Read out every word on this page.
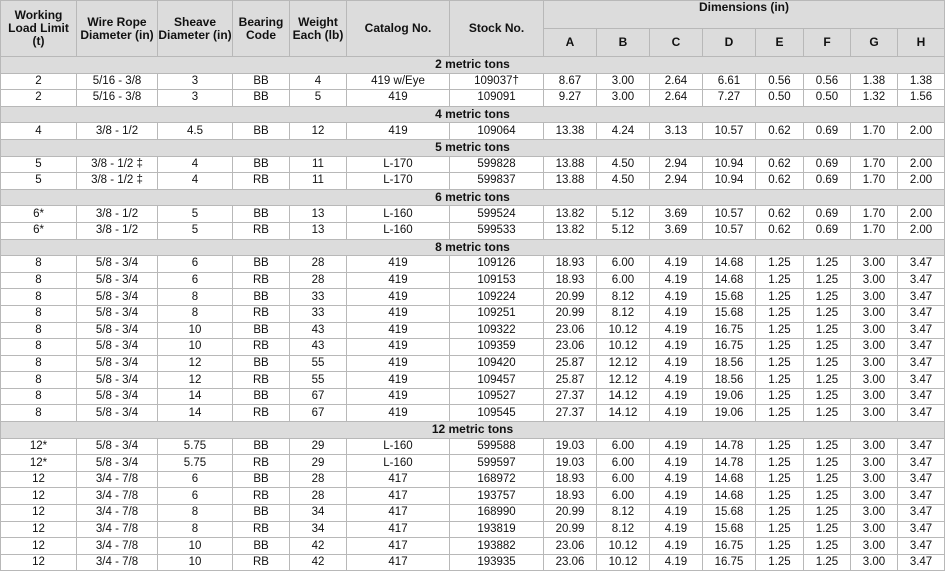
Working Load Limit (t)	Wire Rope Diameter (in)	Sheave Diameter (in)	Bearing Code	Weight Each (lb)	Catalog No.	Stock No.	Dimensions (in)							
							A	B	C	D	E	F	G	H
2 metric tons														
2	5/16 - 3/8	3	BB	4	419 w/Eye	109037†	8.67	3.00	2.64	6.61	0.56	0.56	1.38	1.38
2	5/16 - 3/8	3	BB	5	419	109091	9.27	3.00	2.64	7.27	0.50	0.50	1.32	1.56
4 metric tons														
4	3/8 - 1/2	4.5	BB	12	419	109064	13.38	4.24	3.13	10.57	0.62	0.69	1.70	2.00
5 metric tons														
5	3/8 - 1/2 ‡	4	BB	11	L-170	599828	13.88	4.50	2.94	10.94	0.62	0.69	1.70	2.00
5	3/8 - 1/2 ‡	4	RB	11	L-170	599837	13.88	4.50	2.94	10.94	0.62	0.69	1.70	2.00
6 metric tons														
6*	3/8 - 1/2	5	BB	13	L-160	599524	13.82	5.12	3.69	10.57	0.62	0.69	1.70	2.00
6*	3/8 - 1/2	5	RB	13	L-160	599533	13.82	5.12	3.69	10.57	0.62	0.69	1.70	2.00
8 metric tons														
8	5/8 - 3/4	6	BB	28	419	109126	18.93	6.00	4.19	14.68	1.25	1.25	3.00	3.47
8	5/8 - 3/4	6	RB	28	419	109153	18.93	6.00	4.19	14.68	1.25	1.25	3.00	3.47
8	5/8 - 3/4	8	BB	33	419	109224	20.99	8.12	4.19	15.68	1.25	1.25	3.00	3.47
8	5/8 - 3/4	8	RB	33	419	109251	20.99	8.12	4.19	15.68	1.25	1.25	3.00	3.47
8	5/8 - 3/4	10	BB	43	419	109322	23.06	10.12	4.19	16.75	1.25	1.25	3.00	3.47
8	5/8 - 3/4	10	RB	43	419	109359	23.06	10.12	4.19	16.75	1.25	1.25	3.00	3.47
8	5/8 - 3/4	12	BB	55	419	109420	25.87	12.12	4.19	18.56	1.25	1.25	3.00	3.47
8	5/8 - 3/4	12	RB	55	419	109457	25.87	12.12	4.19	18.56	1.25	1.25	3.00	3.47
8	5/8 - 3/4	14	BB	67	419	109527	27.37	14.12	4.19	19.06	1.25	1.25	3.00	3.47
8	5/8 - 3/4	14	RB	67	419	109545	27.37	14.12	4.19	19.06	1.25	1.25	3.00	3.47
12 metric tons														
12*	5/8 - 3/4	5.75	BB	29	L-160	599588	19.03	6.00	4.19	14.78	1.25	1.25	3.00	3.47
12*	5/8 - 3/4	5.75	RB	29	L-160	599597	19.03	6.00	4.19	14.78	1.25	1.25	3.00	3.47
12	3/4 - 7/8	6	BB	28	417	168972	18.93	6.00	4.19	14.68	1.25	1.25	3.00	3.47
12	3/4 - 7/8	6	RB	28	417	193757	18.93	6.00	4.19	14.68	1.25	1.25	3.00	3.47
12	3/4 - 7/8	8	BB	34	417	168990	20.99	8.12	4.19	15.68	1.25	1.25	3.00	3.47
12	3/4 - 7/8	8	RB	34	417	193819	20.99	8.12	4.19	15.68	1.25	1.25	3.00	3.47
12	3/4 - 7/8	10	BB	42	417	193882	23.06	10.12	4.19	16.75	1.25	1.25	3.00	3.47
12	3/4 - 7/8	10	RB	42	417	193935	23.06	10.12	4.19	16.75	1.25	1.25	3.00	3.47
